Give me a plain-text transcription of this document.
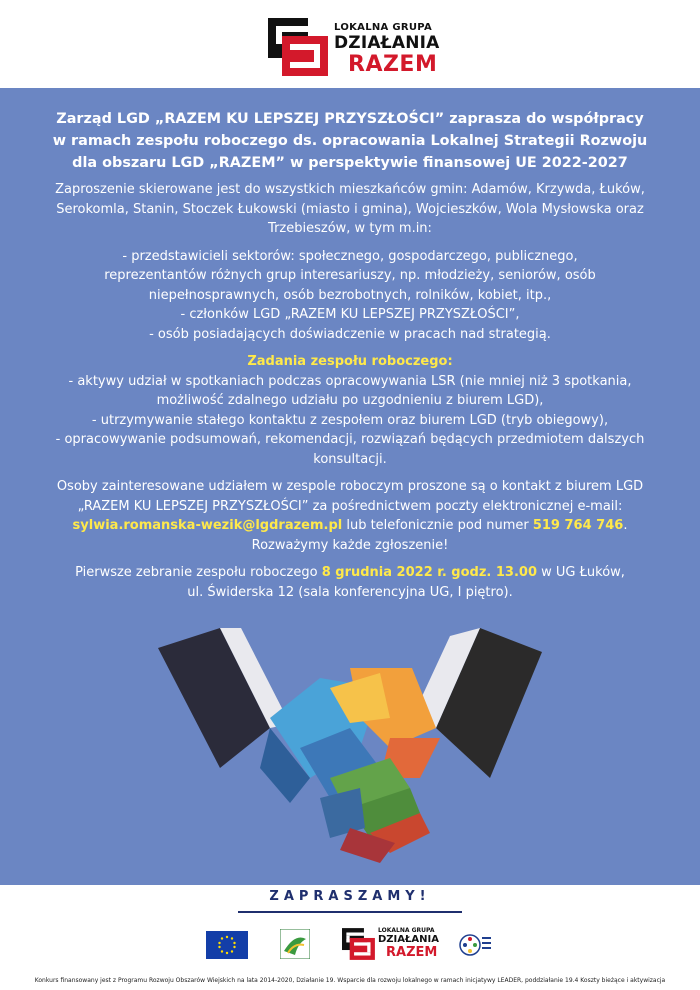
LOKALNA GRUPA
DZIAŁANIA
RAZEM
Zarząd LGD „RAZEM KU LEPSZEJ PRZYSZŁOŚCI” zaprasza do współpracy
w ramach zespołu roboczego ds. opracowania Lokalnej Strategii Rozwoju
dla obszaru LGD „RAZEM” w perspektywie finansowej UE 2022-2027
Zaproszenie skierowane jest do wszystkich mieszkańców gmin: Adamów, Krzywda, Łuków,
Serokomla, Stanin, Stoczek Łukowski (miasto i gmina), Wojcieszków, Wola Mysłowska oraz
Trzebieszów, w tym m.in:
- przedstawicieli sektorów: społecznego, gospodarczego, publicznego,
reprezentantów różnych grup interesariuszy, np. młodzieży, seniorów, osób
niepełnosprawnych, osób bezrobotnych, rolników, kobiet, itp.,
- członków LGD „RAZEM KU LEPSZEJ PRZYSZŁOŚCI”,
- osób posiadających doświadczenie w pracach nad strategią.
Zadania zespołu roboczego:
- aktywy udział w spotkaniach podczas opracowywania LSR (nie mniej niż 3 spotkania,
możliwość zdalnego udziału po uzgodnieniu z biurem LGD),
- utrzymywanie stałego kontaktu z zespołem oraz biurem LGD (tryb obiegowy),
- opracowywanie podsumowań, rekomendacji, rozwiązań będących przedmiotem dalszych
konsultacji.
Osoby zainteresowane udziałem w zespole roboczym proszone są o kontakt z biurem LGD
„RAZEM KU LEPSZEJ PRZYSZŁOŚCI” za pośrednictwem poczty elektronicznej e-mail:
sylwia.romanska-wezik@lgdrazem.pl lub telefonicznie pod numer 519 764 746.
Rozważymy każde zgłoszenie!
Pierwsze zebranie zespołu roboczego 8 grudnia 2022 r. godz. 13.00 w UG Łuków,
ul. Świderska 12 (sala konferencyjna UG, I piętro).
ZAPRASZAMY!
LOKALNA GRUPA
DZIAŁANIA
RAZEM
Konkurs finansowany jest z Programu Rozwoju Obszarów Wiejskich na lata 2014-2020, Działanie 19. Wsparcie dla rozwoju lokalnego w ramach inicjatywy LEADER, poddziałanie 19.4 Koszty bieżące i aktywizacja
